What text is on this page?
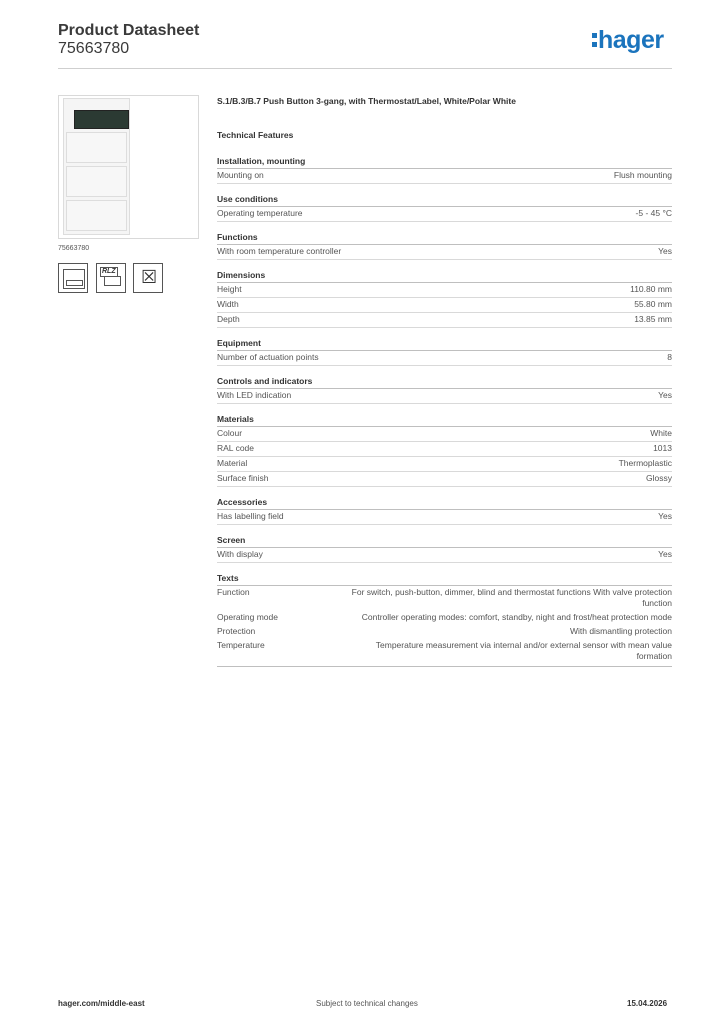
Product Datasheet
75663780	hager
75663780
RLZ ☒
S.1/B.3/B.7 Push Button 3-gang, with Thermostat/Label, White/Polar White
Technical Features
Installation, mounting
Mounting on	Flush mounting
Use conditions
Operating temperature	-5 - 45 °C
Functions
With room temperature controller	Yes
Dimensions
Height	110.80 mm
Width	55.80 mm
Depth	13.85 mm
Equipment
Number of actuation points	8
Controls and indicators
With LED indication	Yes
Materials
Colour	White
RAL code	1013
Material	Thermoplastic
Surface finish	Glossy
Accessories
Has labelling field	Yes
Screen
With display	Yes
Texts
Function	For switch, push-button, dimmer, blind and thermostat functions With valve protection function
Operating mode	Controller operating modes: comfort, standby, night and frost/heat protection mode
Protection	With dismantling protection
Temperature	Temperature measurement via internal and/or external sensor with mean value formation
hager.com/middle-east	Subject to technical changes	15.04.2026
